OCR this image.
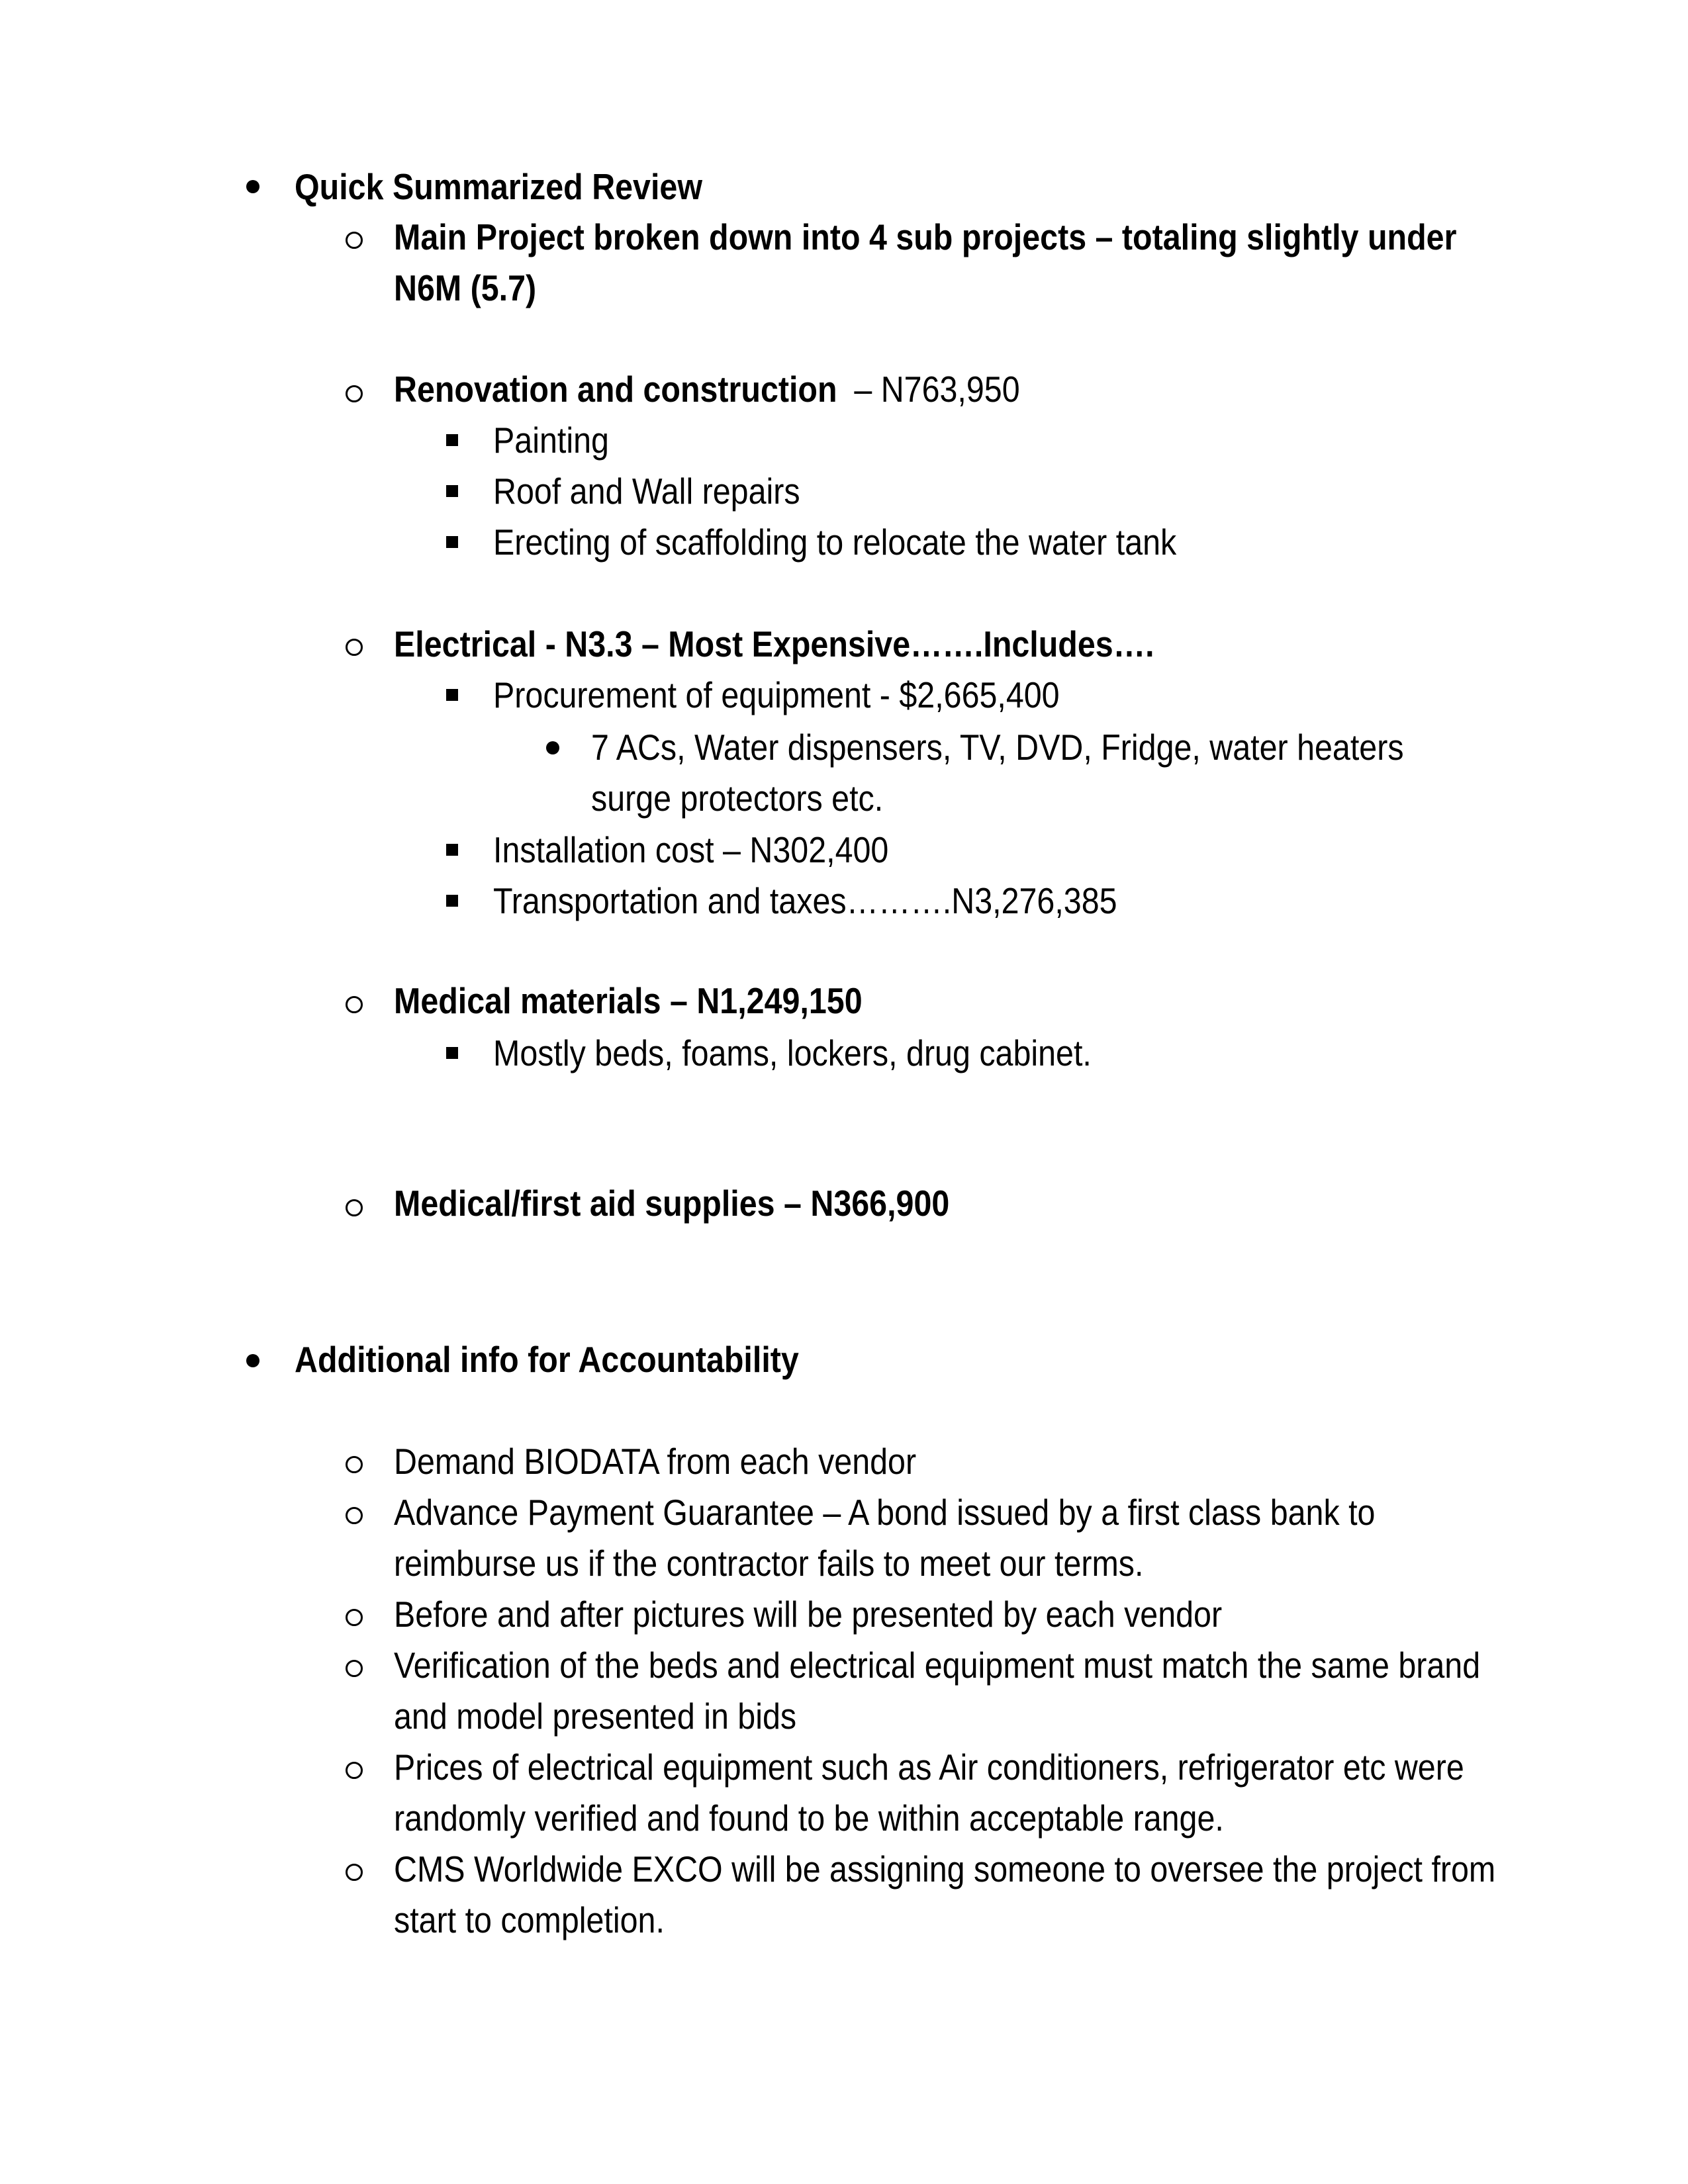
Quick Summarized Review
Main Project broken down into 4 sub projects – totaling slightly under
N6M (5.7)
Renovation and construction – N763,950
Painting
Roof and Wall repairs
Erecting of scaffolding to relocate the water tank
Electrical - N3.3 – Most Expensive…….Includes….
Procurement of equipment - $2,665,400
7 ACs, Water dispensers, TV, DVD, Fridge, water heaters
surge protectors etc.
Installation cost – N302,400
Transportation and taxes……….N3,276,385
Medical materials – N1,249,150
Mostly beds, foams, lockers, drug cabinet.
Medical/first aid supplies – N366,900
Additional info for Accountability
Demand BIODATA from each vendor
Advance Payment Guarantee – A bond issued by a first class bank to
reimburse us if the contractor fails to meet our terms.
Before and after pictures will be presented by each vendor
Verification of the beds and electrical equipment must match the same brand
and model presented in bids
Prices of electrical equipment such as Air conditioners, refrigerator etc were
randomly verified and found to be within acceptable range.
CMS Worldwide EXCO will be assigning someone to oversee the project from
start to completion.
